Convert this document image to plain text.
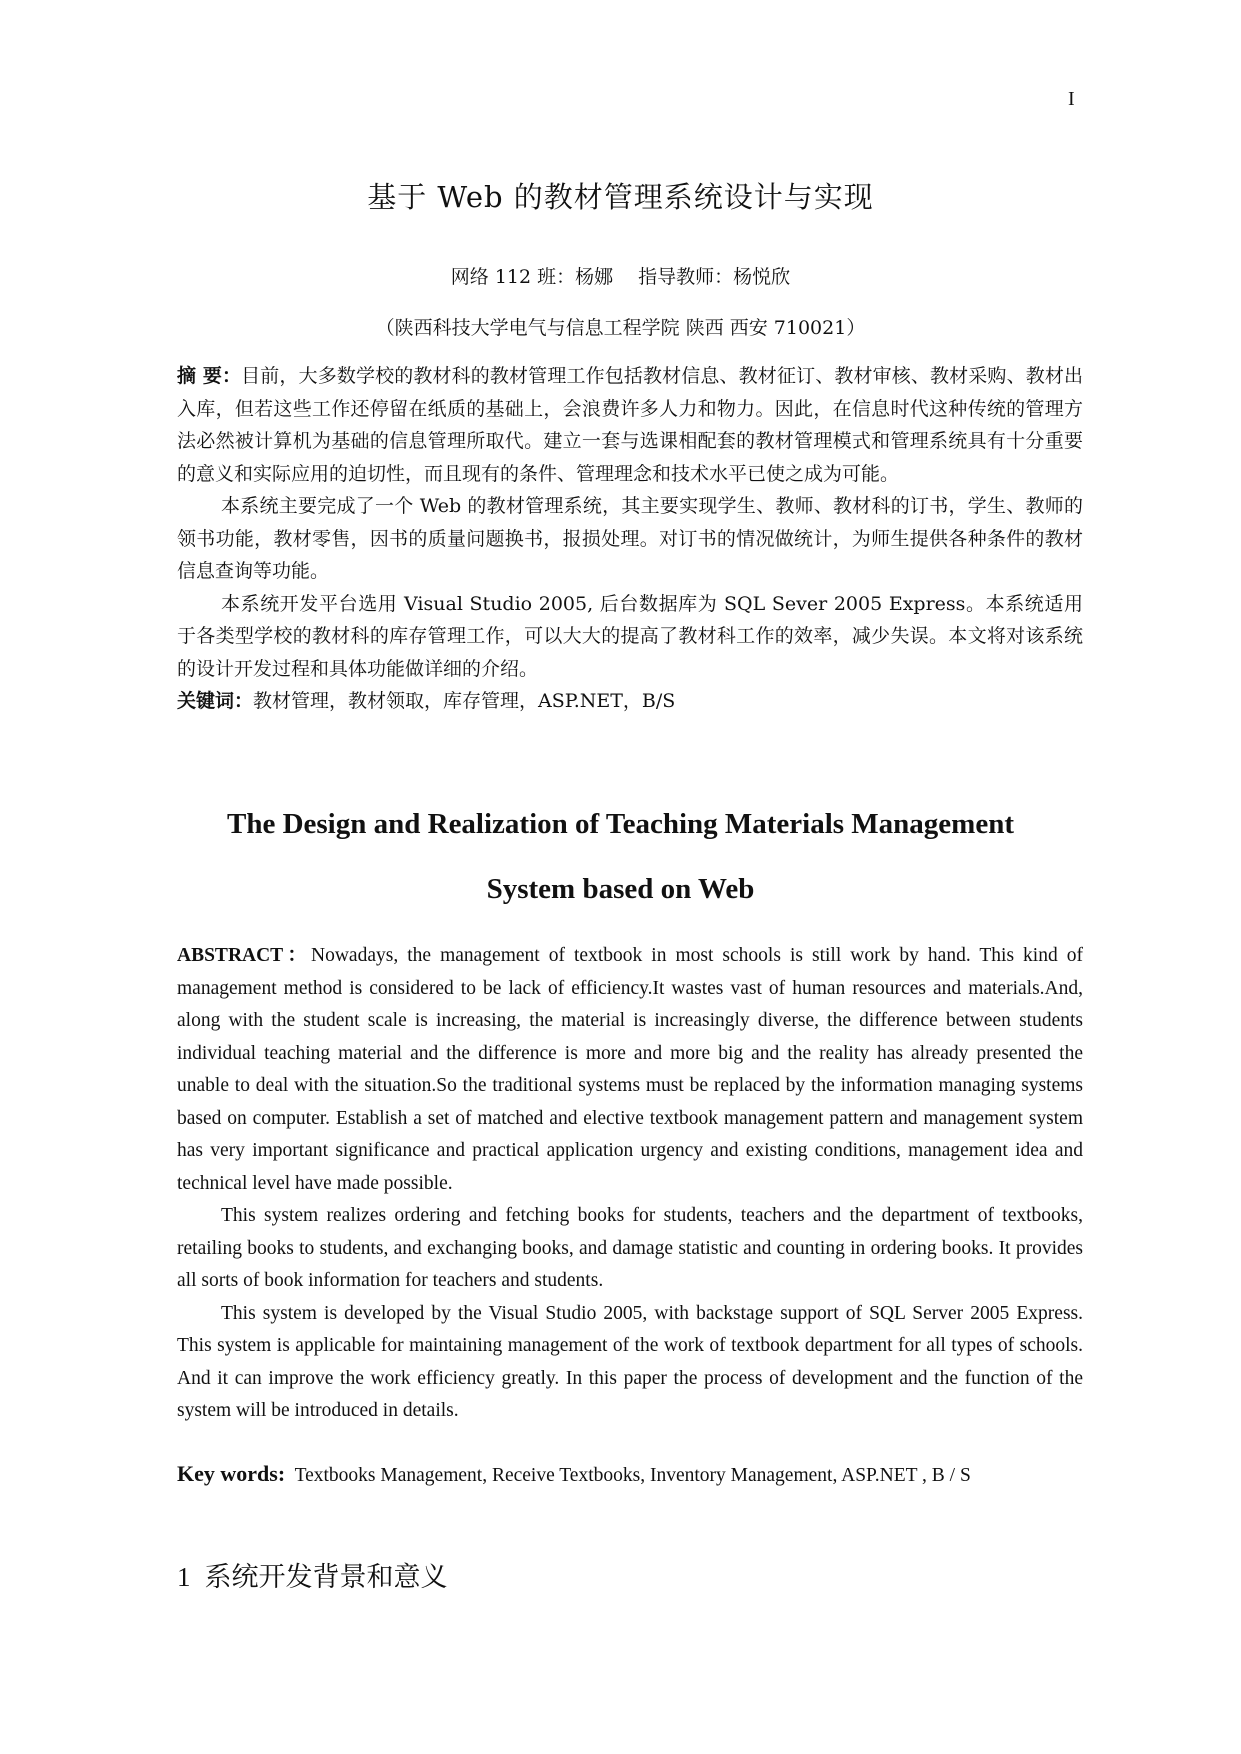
I
基于 Web 的教材管理系统设计与实现
网络 112 班：杨娜　 指导教师：杨悦欣
（陕西科技大学电气与信息工程学院 陕西 西安 710021）

摘 要：目前，大多数学校的教材科的教材管理工作包括教材信息、教材征订、教材审核、教材采购、教材出入库，但若这些工作还停留在纸质的基础上，会浪费许多人力和物力。因此，在信息时代这种传统的管理方法必然被计算机为基础的信息管理所取代。建立一套与选课相配套的教材管理模式和管理系统具有十分重要的意义和实际应用的迫切性，而且现有的条件、管理理念和技术水平已使之成为可能。

本系统主要完成了一个 Web 的教材管理系统，其主要实现学生、教师、教材科的订书，学生、教师的领书功能，教材零售，因书的质量问题换书，报损处理。对订书的情况做统计，为师生提供各种条件的教材信息查询等功能。

本系统开发平台选用 Visual Studio 2005, 后台数据库为 SQL Sever 2005 Express。本系统适用于各类型学校的教材科的库存管理工作，可以大大的提高了教材科工作的效率，减少失误。本文将对该系统的设计开发过程和具体功能做详细的介绍。

关键词：教材管理，教材领取，库存管理，ASP.NET，B/S

The Design and Realization of Teaching Materials Management
System based on Web

ABSTRACT：Nowadays, the management of textbook in most schools is still work by hand. This kind of management method is considered to be lack of efficiency.It wastes vast of human resources and materials.And, along with the student scale is increasing, the material is increasingly diverse, the difference between students individual teaching material and the difference is more and more big and the reality has already presented the unable to deal with the situation.So the traditional systems must be replaced by the information managing systems based on computer. Establish a set of matched and elective textbook management pattern and management system has very important significance and practical application urgency and existing conditions, management idea and technical level have made possible.

This system realizes ordering and fetching books for students, teachers and the department of textbooks, retailing books to students, and exchanging books, and damage statistic and counting in ordering books. It provides all sorts of book information for teachers and students.

This system is developed by the Visual Studio 2005, with backstage support of SQL Server 2005 Express. This system is applicable for maintaining management of the work of textbook department for all types of schools. And it can improve the work efficiency greatly. In this paper the process of development and the function of the system will be introduced in details.

Key words: Textbooks Management, Receive Textbooks, Inventory Management, ASP.NET , B / S
1 系统开发背景和意义
